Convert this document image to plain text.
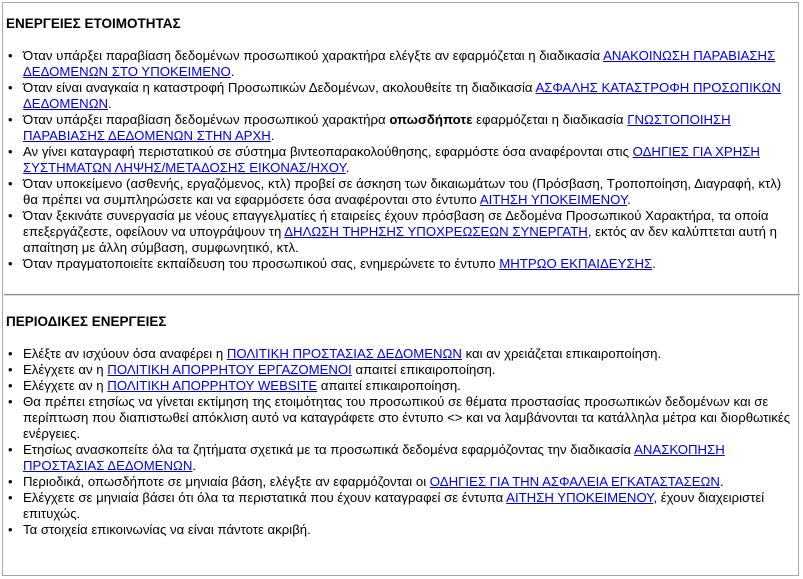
ΕΝΕΡΓΕΙΕΣ ΕΤΟΙΜΟΤΗΤΑΣ

• Όταν υπάρξει παραβίαση δεδομένων προσωπικού χαρακτήρα ελέγξτε αν εφαρμόζεται η διαδικασία ΑΝΑΚΟΙΝΩΣΗ ΠΑΡΑΒΙΑΣΗΣ ΔΕΔΟΜΕΝΩΝ ΣΤΟ ΥΠΟΚΕΙΜΕΝΟ.
• Όταν είναι αναγκαία η καταστροφή Προσωπικών Δεδομένων, ακολουθείτε τη διαδικασία ΑΣΦΑΛΗΣ ΚΑΤΑΣΤΡΟΦΗ ΠΡΟΣΩΠΙΚΩΝ ΔΕΔΟΜΕΝΩΝ.
• Όταν υπάρξει παραβίαση δεδομένων προσωπικού χαρακτήρα οπωσδήποτε εφαρμόζεται η διαδικασία ΓΝΩΣΤΟΠΟΙΗΣΗ ΠΑΡΑΒΙΑΣΗΣ ΔΕΔΟΜΕΝΩΝ ΣΤΗΝ ΑΡΧΗ.
• Αν γίνει καταγραφή περιστατικού σε σύστημα βιντεοπαρακολούθησης, εφαρμόστε όσα αναφέρονται στις ΟΔΗΓΙΕΣ ΓΙΑ ΧΡΗΣΗ ΣΥΣΤΗΜΑΤΩΝ ΛΗΨΗΣ/ΜΕΤΑΔΟΣΗΣ ΕΙΚΟΝΑΣ/ΗΧΟΥ.
• Όταν υποκείμενο (ασθενής, εργαζόμενος, κτλ) προβεί σε άσκηση των δικαιωμάτων του (Πρόσβαση, Τροποποίηση, Διαγραφή, κτλ) θα πρέπει να συμπληρώσετε και να εφαρμόσετε όσα αναφέρονται στο έντυπο ΑΙΤΗΣΗ ΥΠΟΚΕΙΜΕΝΟΥ.
• Όταν ξεκινάτε συνεργασία με νέους επαγγελματίες ή εταιρείες έχουν πρόσβαση σε Δεδομένα Προσωπικού Χαρακτήρα, τα οποία επεξεργάζεστε, οφείλουν να υπογράψουν τη ΔΗΛΩΣΗ ΤΗΡΗΣΗΣ ΥΠΟΧΡΕΩΣΕΩΝ ΣΥΝΕΡΓΑΤΗ, εκτός αν δεν καλύπτεται αυτή η απαίτηση με άλλη σύμβαση, συμφωνητικό, κτλ.
• Όταν πραγματοποιείτε εκπαίδευση του προσωπικού σας, ενημερώνετε το έντυπο ΜΗΤΡΩΟ ΕΚΠΑΙΔΕΥΣΗΣ.

ΠΕΡΙΟΔΙΚΕΣ ΕΝΕΡΓΕΙΕΣ

• Ελέξτε αν ισχύουν όσα αναφέρει η ΠΟΛΙΤΙΚΗ ΠΡΟΣΤΑΣΙΑΣ ΔΕΔΟΜΕΝΩΝ και αν χρειάζεται επικαιροποίηση.
• Ελέγχετε αν η ΠΟΛΙΤΙΚΗ ΑΠΟΡΡΗΤΟΥ ΕΡΓΑΖΟΜΕΝΟΙ απαιτεί επικαιροποίηση.
• Ελέγχετε αν η ΠΟΛΙΤΙΚΗ ΑΠΟΡΡΗΤΟΥ WEBSITE απαιτεί επικαιροποίηση.
• Θα πρέπει ετησίως να γίνεται εκτίμηση της ετοιμότητας του προσωπικού σε θέματα προστασίας προσωπικών δεδομένων και σε περίπτωση που διαπιστωθεί απόκλιση αυτό να καταγράφετε στο έντυπο <> και να λαμβάνονται τα κατάλληλα μέτρα και διορθωτικές ενέργειες.
• Ετησίως ανασκοπείτε όλα τα ζητήματα σχετικά με τα προσωπικά δεδομένα εφαρμόζοντας την διαδικασία ΑΝΑΣΚΟΠΗΣΗ ΠΡΟΣΤΑΣΙΑΣ ΔΕΔΟΜΕΝΩΝ.
• Περιοδικά, οπωσδήποτε σε μηνιαία βάση, ελέγξτε αν εφαρμόζονται οι ΟΔΗΓΙΕΣ ΓΙΑ ΤΗΝ ΑΣΦΑΛΕΙΑ ΕΓΚΑΤΑΣΤΑΣΕΩΝ.
• Ελέγχετε σε μηνιαία βάσει ότι όλα τα περιστατικά που έχουν καταγραφεί σε έντυπα ΑΙΤΗΣΗ ΥΠΟΚΕΙΜΕΝΟΥ, έχουν διαχειριστεί επιτυχώς.
• Τα στοιχεία επικοινωνίας να είναι πάντοτε ακριβή.
